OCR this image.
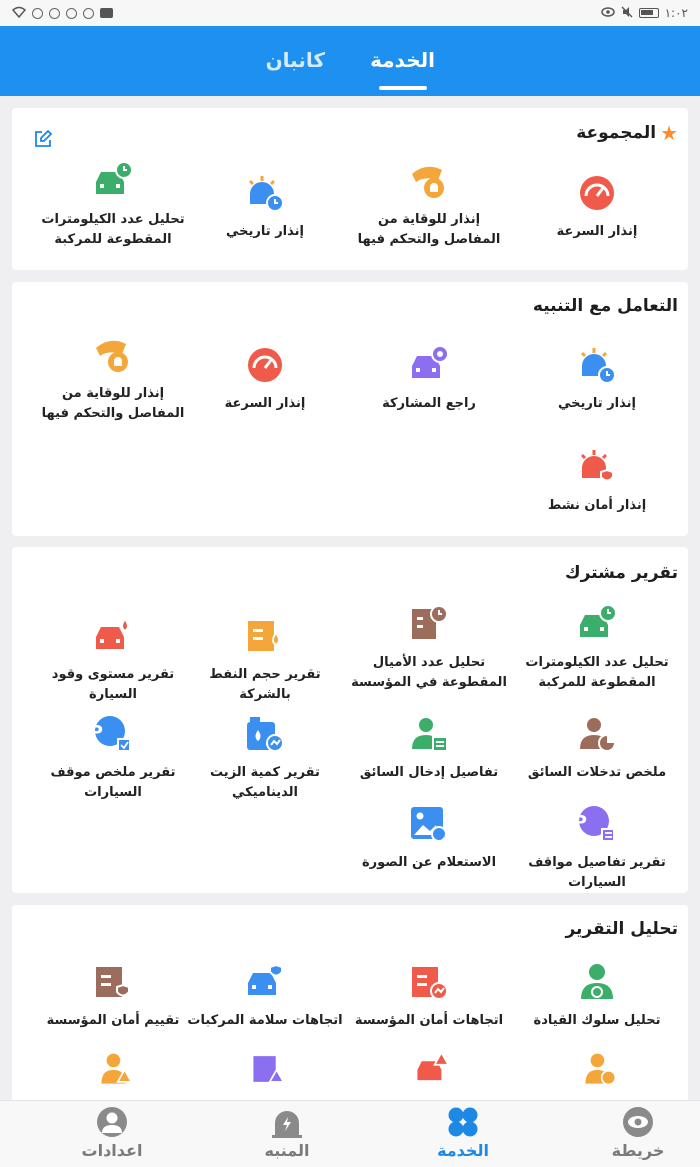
١:٠٢
الخدمة
كانبان
★
المجموعة
إنذار السرعة
إنذار للوقاية من المفاصل والتحكم فيها
إنذار تاريخي
تحليل عدد الكيلومترات المقطوعة للمركبة
التعامل مع التنبيه
إنذار تاريخي
راجع المشاركة
إنذار السرعة
إنذار للوقاية من المفاصل والتحكم فيها
إنذار أمان نشط
تقرير مشترك
تحليل عدد الكيلومترات المقطوعة للمركبة
تحليل عدد الأميال المقطوعة في المؤسسة
تقرير حجم النفط بالشركة
تقرير مستوى وقود السيارة
ملخص تدخلات السائق
تفاصيل إدخال السائق
تقرير كمية الزيت الديناميكي
P
تقرير ملخص موقف السيارات
P
تقرير تفاصيل مواقف السيارات
الاستعلام عن الصورة
تحليل التقرير
تحليل سلوك القيادة
اتجاهات أمان المؤسسة
اتجاهات سلامة المركبات
تقييم أمان المؤسسة
خريطة
الخدمة
المنبه
اعدادات
